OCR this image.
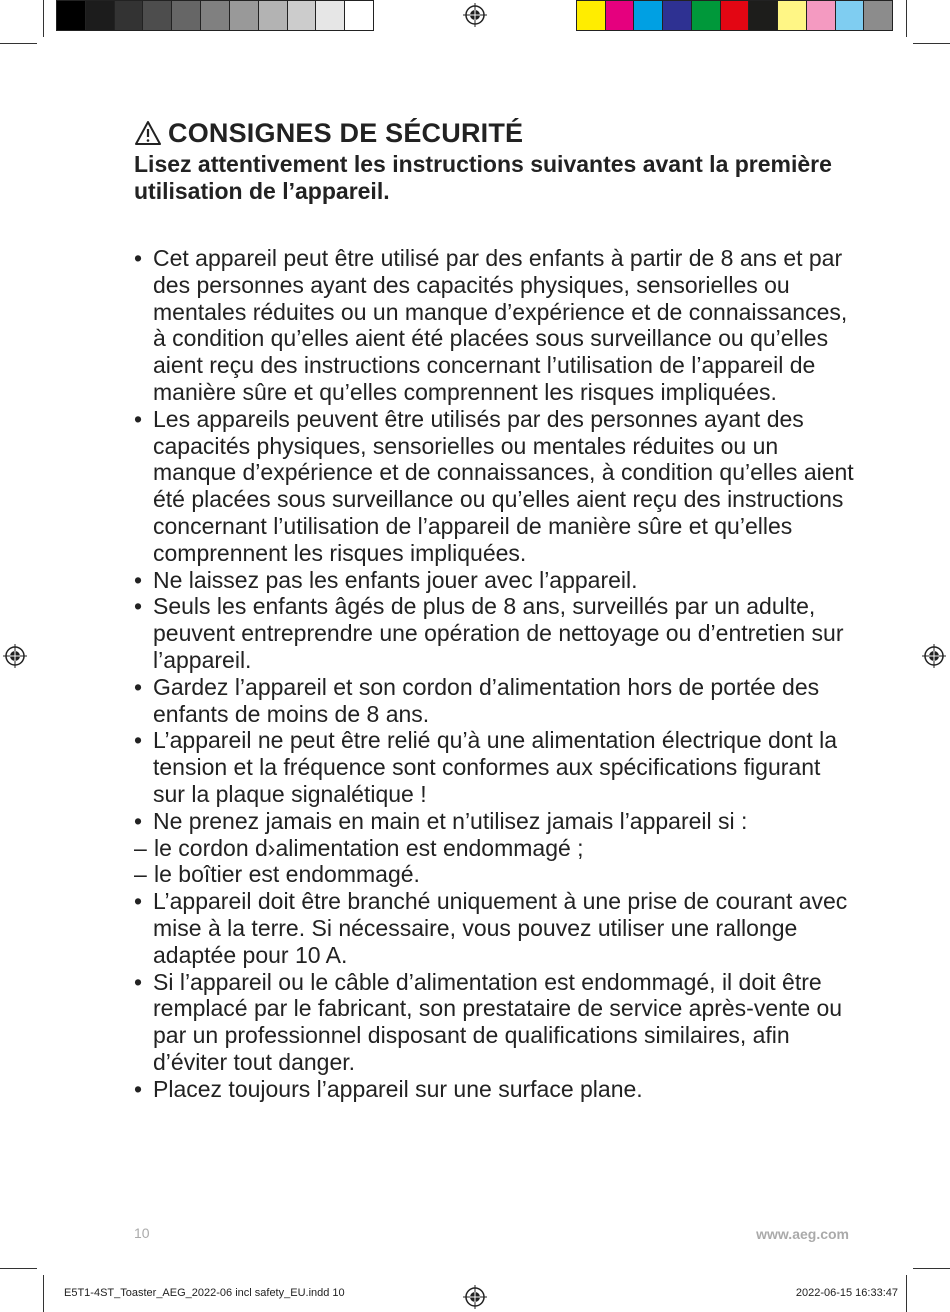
CONSIGNES DE SÉCURITÉ
Lisez attentivement les instructions suivantes avant la première utilisation de l’appareil.
• Cet appareil peut être utilisé par des enfants à partir de 8 ans et par des personnes ayant des capacités physiques, sensorielles ou mentales réduites ou un manque d’expérience et de connaissances, à condition qu’elles aient été placées sous surveillance ou qu’elles aient reçu des instructions concernant l’utilisation de l’appareil de manière sûre et qu’elles comprennent les risques impliquées.
• Les appareils peuvent être utilisés par des personnes ayant des capacités physiques, sensorielles ou mentales réduites ou un manque d’expérience et de connaissances, à condition qu’elles aient été placées sous surveillance ou qu’elles aient reçu des instructions concernant l’utilisation de l’appareil de manière sûre et qu’elles comprennent les risques impliquées.
• Ne laissez pas les enfants jouer avec l’appareil.
• Seuls les enfants âgés de plus de 8 ans, surveillés par un adulte, peuvent entreprendre une opération de nettoyage ou d’entretien sur l’appareil.
• Gardez l’appareil et son cordon d’alimentation hors de portée des enfants de moins de 8 ans.
• L’appareil ne peut être relié qu’à une alimentation électrique dont la tension et la fréquence sont conformes aux spécifications figurant sur la plaque signalétique !
• Ne prenez jamais en main et n’utilisez jamais l’appareil si :
– le cordon d›alimentation est endommagé ;
– le boîtier est endommagé.
• L’appareil doit être branché uniquement à une prise de courant avec mise à la terre. Si nécessaire, vous pouvez utiliser une rallonge adaptée pour 10 A.
• Si l’appareil ou le câble d’alimentation est endommagé, il doit être remplacé par le fabricant, son prestataire de service après-vente ou par un professionnel disposant de qualifications similaires, afin d’éviter tout danger.
• Placez toujours l’appareil sur une surface plane.
10	www.aeg.com
E5T1-4ST_Toaster_AEG_2022-06 incl safety_EU.indd 10	2022-06-15 16:33:47
